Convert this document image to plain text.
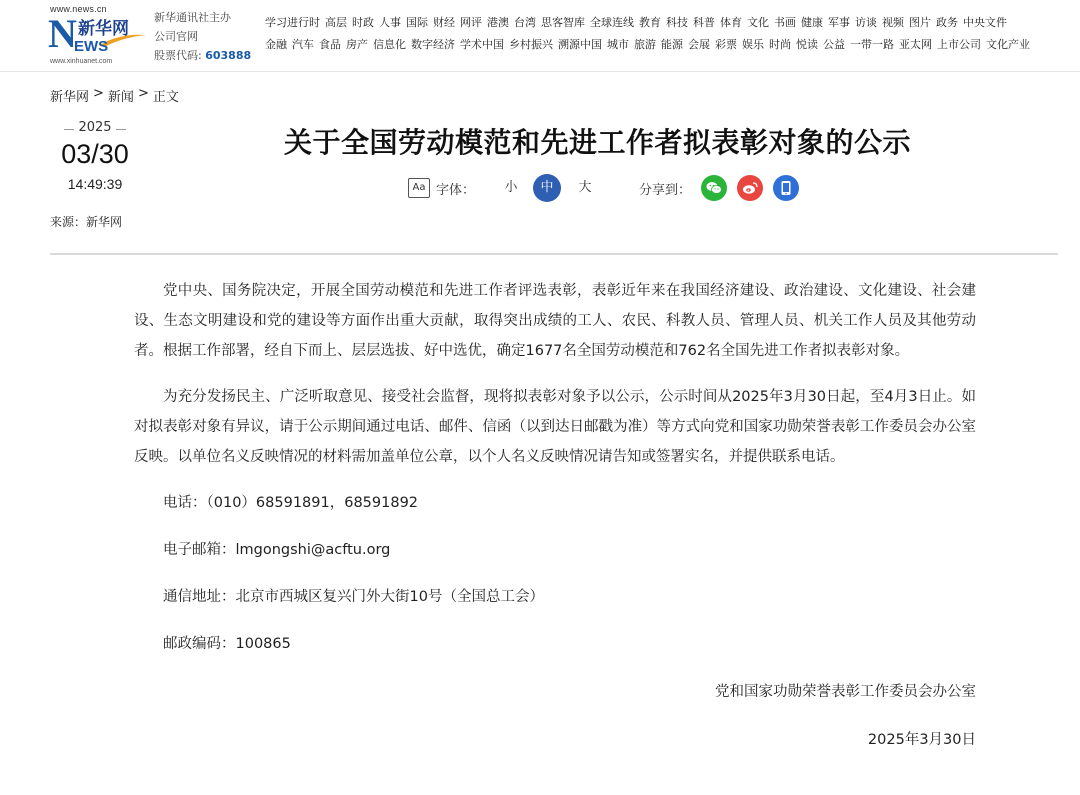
www.news.cn
N 新华网
EWS
www.xinhuanet.com
新华通讯社主办
公司官网
股票代码: 603888
学习进行时 高层 时政 人事 国际 财经 网评 港澳 台湾 思客智库 全球连线 教育 科技 科普 体育 文化 书画 健康 军事 访谈 视频 图片 政务 中央文件
金融 汽车 食品 房产 信息化 数字经济 学术中国 乡村振兴 溯源中国 城市 旅游 能源 会展 彩票 娱乐 时尚 悦读 公益 一带一路 亚太网 上市公司 文化产业
新华网 > 新闻 > 正文
2025
03/30
14:49:39
来源：新华网
关于全国劳动模范和先进工作者拟表彰对象的公示
Aa 字体：	小	中	大	分享到：

党中央、国务院决定，开展全国劳动模范和先进工作者评选表彰，表彰近年来在我国经济建设、政治建设、文化建设、社会建设、生态文明建设和党的建设等方面作出重大贡献，取得突出成绩的工人、农民、科教人员、管理人员、机关工作人员及其他劳动者。根据工作部署，经自下而上、层层选拔、好中选优，确定1677名全国劳动模范和762名全国先进工作者拟表彰对象。

为充分发扬民主、广泛听取意见、接受社会监督，现将拟表彰对象予以公示，公示时间从2025年3月30日起，至4月3日止。如对拟表彰对象有异议，请于公示期间通过电话、邮件、信函（以到达日邮戳为准）等方式向党和国家功勋荣誉表彰工作委员会办公室反映。以单位名义反映情况的材料需加盖单位公章，以个人名义反映情况请告知或签署实名，并提供联系电话。

电话：（010）68591891，68591892

电子邮箱：lmgongshi@acftu.org

通信地址：北京市西城区复兴门外大街10号（全国总工会）

邮政编码：100865

党和国家功勋荣誉表彰工作委员会办公室

2025年3月30日
